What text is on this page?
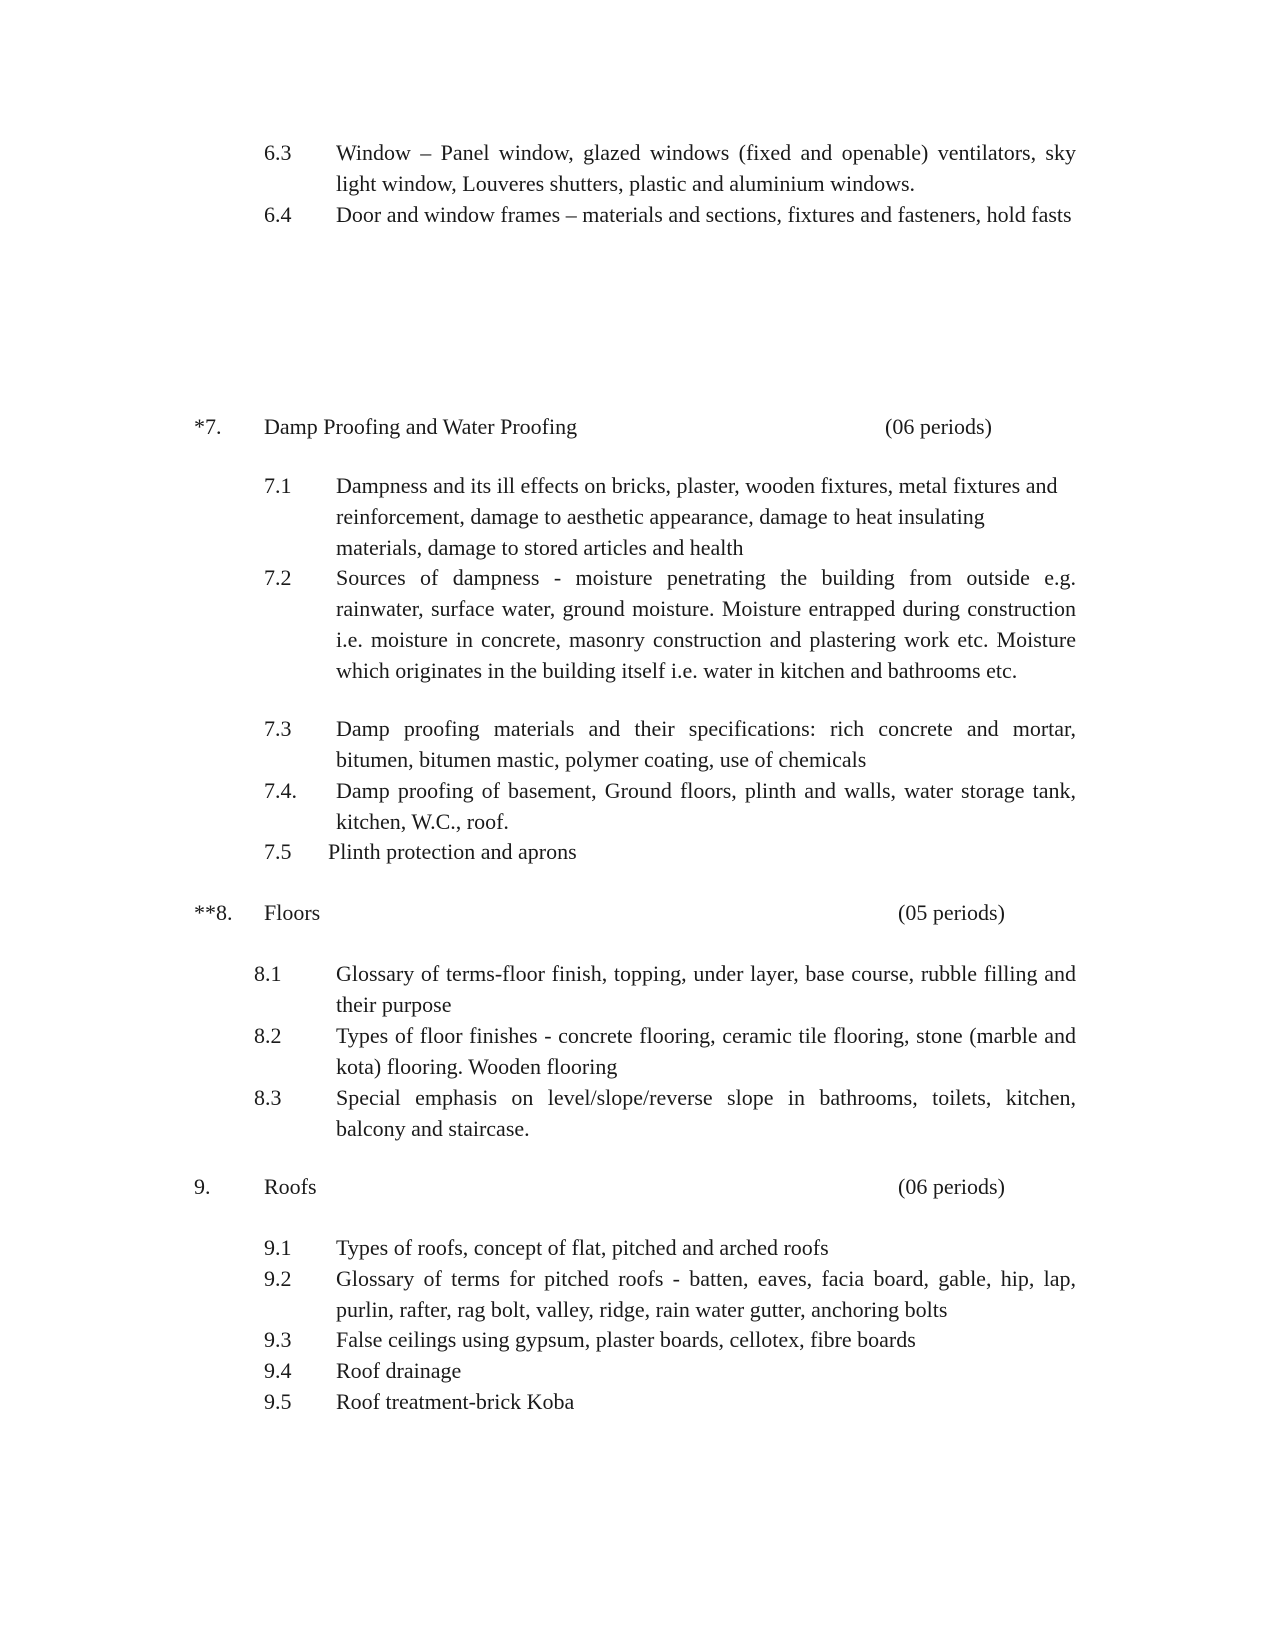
6.3 Window – Panel window, glazed windows (fixed and openable) ventilators, sky light window, Louveres shutters, plastic and aluminium windows.
6.4 Door and window frames – materials and sections, fixtures and fasteners, hold fasts
*7. Damp Proofing and Water Proofing	(06 periods)
7.1 Dampness and its ill effects on bricks, plaster, wooden fixtures, metal fixtures and reinforcement, damage to aesthetic appearance, damage to heat insulating materials, damage to stored articles and health
7.2 Sources of dampness - moisture penetrating the building from outside e.g. rainwater, surface water, ground moisture. Moisture entrapped during construction i.e. moisture in concrete, masonry construction and plastering work etc. Moisture which originates in the building itself i.e. water in kitchen and bathrooms etc.
7.3 Damp proofing materials and their specifications: rich concrete and mortar, bitumen, bitumen mastic, polymer coating, use of chemicals
7.4. Damp proofing of basement, Ground floors, plinth and walls, water storage tank, kitchen, W.C., roof.
7.5 Plinth protection and aprons
**8. Floors	(05 periods)
8.1 Glossary of terms-floor finish, topping, under layer, base course, rubble filling and their purpose
8.2 Types of floor finishes - concrete flooring, ceramic tile flooring, stone (marble and kota) flooring. Wooden flooring
8.3 Special emphasis on level/slope/reverse slope in bathrooms, toilets, kitchen, balcony and staircase.
9. Roofs	(06 periods)
9.1 Types of roofs, concept of flat, pitched and arched roofs
9.2 Glossary of terms for pitched roofs - batten, eaves, facia board, gable, hip, lap, purlin, rafter, rag bolt, valley, ridge, rain water gutter, anchoring bolts
9.3 False ceilings using gypsum, plaster boards, cellotex, fibre boards
9.4 Roof drainage
9.5 Roof treatment-brick Koba
